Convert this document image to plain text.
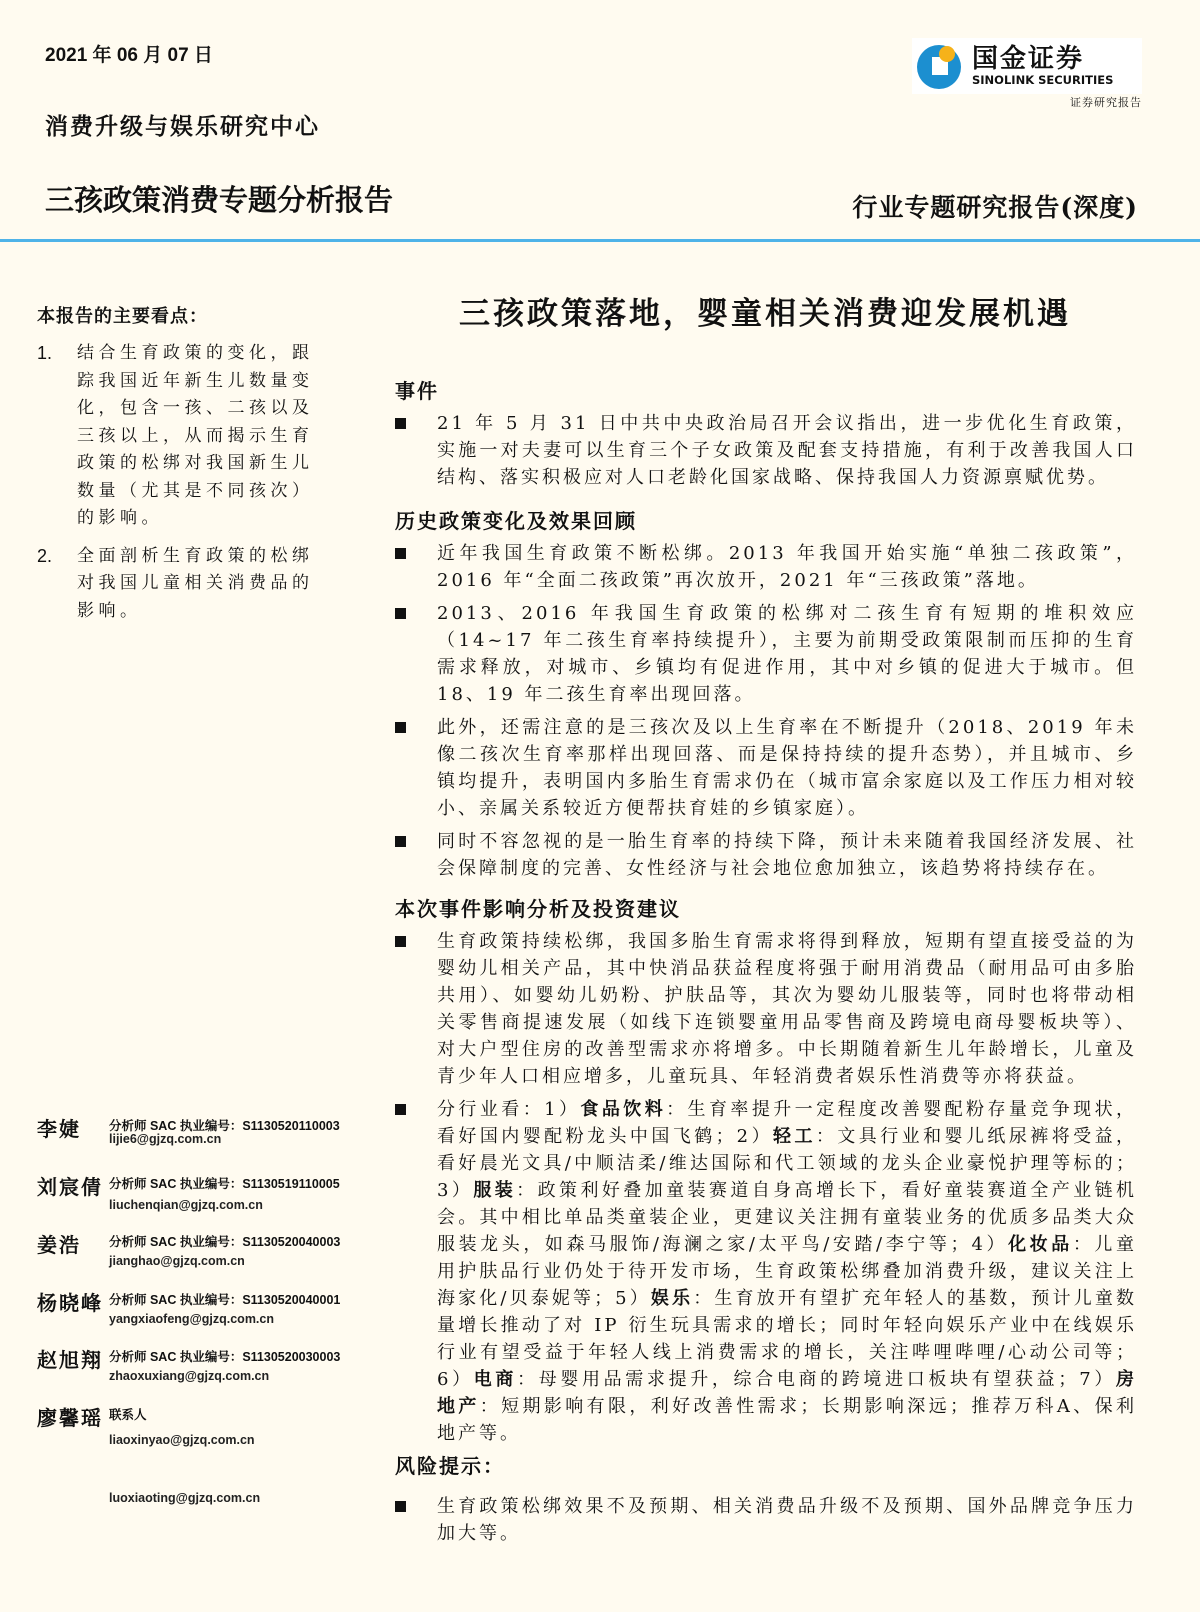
2021 年 06 月 07 日
消费升级与娱乐研究中心
三孩政策消费专题分析报告	行业专题研究报告(深度)
国金证券
SINOLINK SECURITIES
证券研究报告
本报告的主要看点：
1.	结合生育政策的变化，跟踪我国近年新生儿数量变化，包含一孩、二孩以及三孩以上，从而揭示生育政策的松绑对我国新生儿数量（尤其是不同孩次）的影响。
2.	全面剖析生育政策的松绑对我国儿童相关消费品的影响。
李婕 分析师 SAC 执业编号：S1130520110003
lijie6@gjzq.com.cn
刘宸倩 分析师 SAC 执业编号：S1130519110005
liuchenqian@gjzq.com.cn
姜浩 分析师 SAC 执业编号：S1130520040003
jianghao@gjzq.com.cn
杨晓峰 分析师 SAC 执业编号：S1130520040001
yangxiaofeng@gjzq.com.cn
赵旭翔 分析师 SAC 执业编号：S1130520030003
zhaoxuxiang@gjzq.com.cn
廖馨瑶 联系人
liaoxinyao@gjzq.com.cn
luoxiaoting@gjzq.com.cn
三孩政策落地，婴童相关消费迎发展机遇
事件
21 年 5 月 31 日中共中央政治局召开会议指出，进一步优化生育政策，实施一对夫妻可以生育三个子女政策及配套支持措施，有利于改善我国人口结构、落实积极应对人口老龄化国家战略、保持我国人力资源禀赋优势。
历史政策变化及效果回顾
近年我国生育政策不断松绑。2013 年我国开始实施“单独二孩政策”，2016 年“全面二孩政策”再次放开，2021 年“三孩政策”落地。
2013、2016 年我国生育政策的松绑对二孩生育有短期的堆积效应（14~17 年二孩生育率持续提升），主要为前期受政策限制而压抑的生育需求释放，对城市、乡镇均有促进作用，其中对乡镇的促进大于城市。但 18、19 年二孩生育率出现回落。
此外，还需注意的是三孩次及以上生育率在不断提升（2018、2019 年未像二孩次生育率那样出现回落、而是保持持续的提升态势），并且城市、乡镇均提升，表明国内多胎生育需求仍在（城市富余家庭以及工作压力相对较小、亲属关系较近方便帮扶育娃的乡镇家庭）。
同时不容忽视的是一胎生育率的持续下降，预计未来随着我国经济发展、社会保障制度的完善、女性经济与社会地位愈加独立，该趋势将持续存在。
本次事件影响分析及投资建议
生育政策持续松绑，我国多胎生育需求将得到释放，短期有望直接受益的为婴幼儿相关产品，其中快消品获益程度将强于耐用消费品（耐用品可由多胎共用）、如婴幼儿奶粉、护肤品等，其次为婴幼儿服装等，同时也将带动相关零售商提速发展（如线下连锁婴童用品零售商及跨境电商母婴板块等）、对大户型住房的改善型需求亦将增多。中长期随着新生儿年龄增长，儿童及青少年人口相应增多，儿童玩具、年轻消费者娱乐性消费等亦将获益。
分行业看：1）食品饮料：生育率提升一定程度改善婴配粉存量竞争现状，看好国内婴配粉龙头中国飞鹤；2）轻工：文具行业和婴儿纸尿裤将受益，看好晨光文具/中顺洁柔/维达国际和代工领域的龙头企业豪悦护理等标的；3）服装：政策利好叠加童装赛道自身高增长下，看好童装赛道全产业链机会。其中相比单品类童装企业，更建议关注拥有童装业务的优质多品类大众服装龙头，如森马服饰/海澜之家/太平鸟/安踏/李宁等；4）化妆品：儿童用护肤品行业仍处于待开发市场，生育政策松绑叠加消费升级，建议关注上海家化/贝泰妮等；5）娱乐：生育放开有望扩充年轻人的基数，预计儿童数量增长推动了对 IP 衍生玩具需求的增长；同时年轻向娱乐产业中在线娱乐行业有望受益于年轻人线上消费需求的增长，关注哔哩哔哩/心动公司等；6）电商：母婴用品需求提升，综合电商的跨境进口板块有望获益；7）房地产：短期影响有限，利好改善性需求；长期影响深远；推荐万科A、保利地产等。
风险提示：
生育政策松绑效果不及预期、相关消费品升级不及预期、国外品牌竞争压力加大等。
